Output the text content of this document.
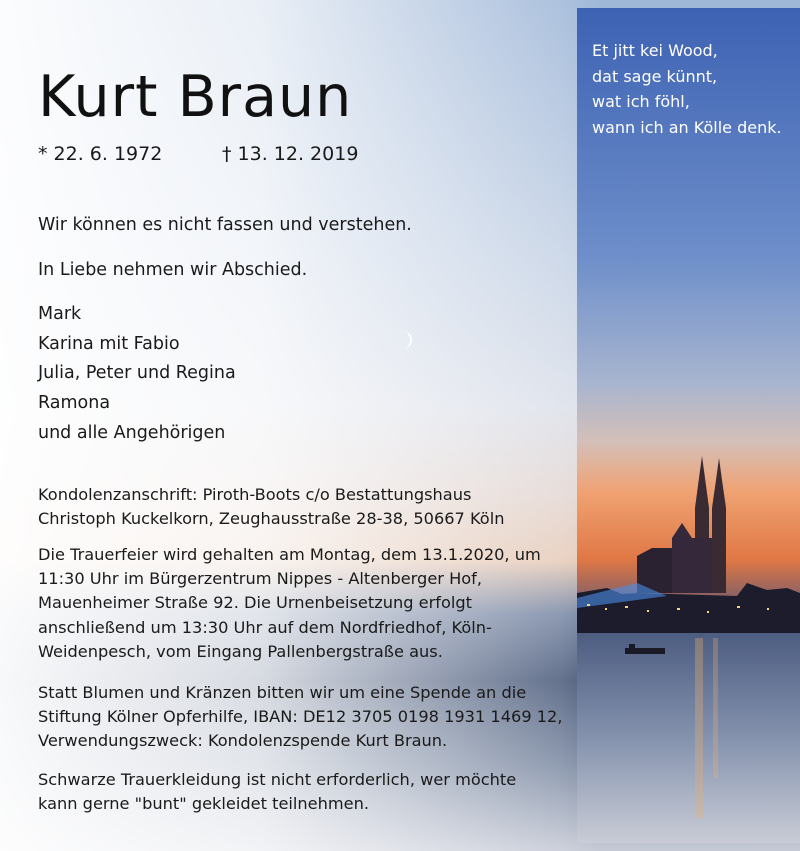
Et jitt kei Wood,
dat sage künnt,
wat ich föhl,
wann ich an Kölle denk.
Kurt Braun
* 22. 6. 1972	† 13. 12. 2019
Wir können es nicht fassen und verstehen.
In Liebe nehmen wir Abschied.
Mark
Karina mit Fabio
Julia, Peter und Regina
Ramona
und alle Angehörigen
Kondolenzanschrift: Piroth-Boots c/o Bestattungshaus
Christoph Kuckelkorn, Zeughausstraße 28-38, 50667 Köln
Die Trauerfeier wird gehalten am Montag, dem 13.1.2020, um
11:30 Uhr im Bürgerzentrum Nippes - Altenberger Hof,
Mauenheimer Straße 92. Die Urnenbeisetzung erfolgt
anschließend um 13:30 Uhr auf dem Nordfriedhof, Köln-
Weidenpesch, vom Eingang Pallenbergstraße aus.
Statt Blumen und Kränzen bitten wir um eine Spende an die
Stiftung Kölner Opferhilfe, IBAN: DE12 3705 0198 1931 1469 12,
Verwendungszweck: Kondolenzspende Kurt Braun.
Schwarze Trauerkleidung ist nicht erforderlich, wer möchte
kann gerne "bunt" gekleidet teilnehmen.
